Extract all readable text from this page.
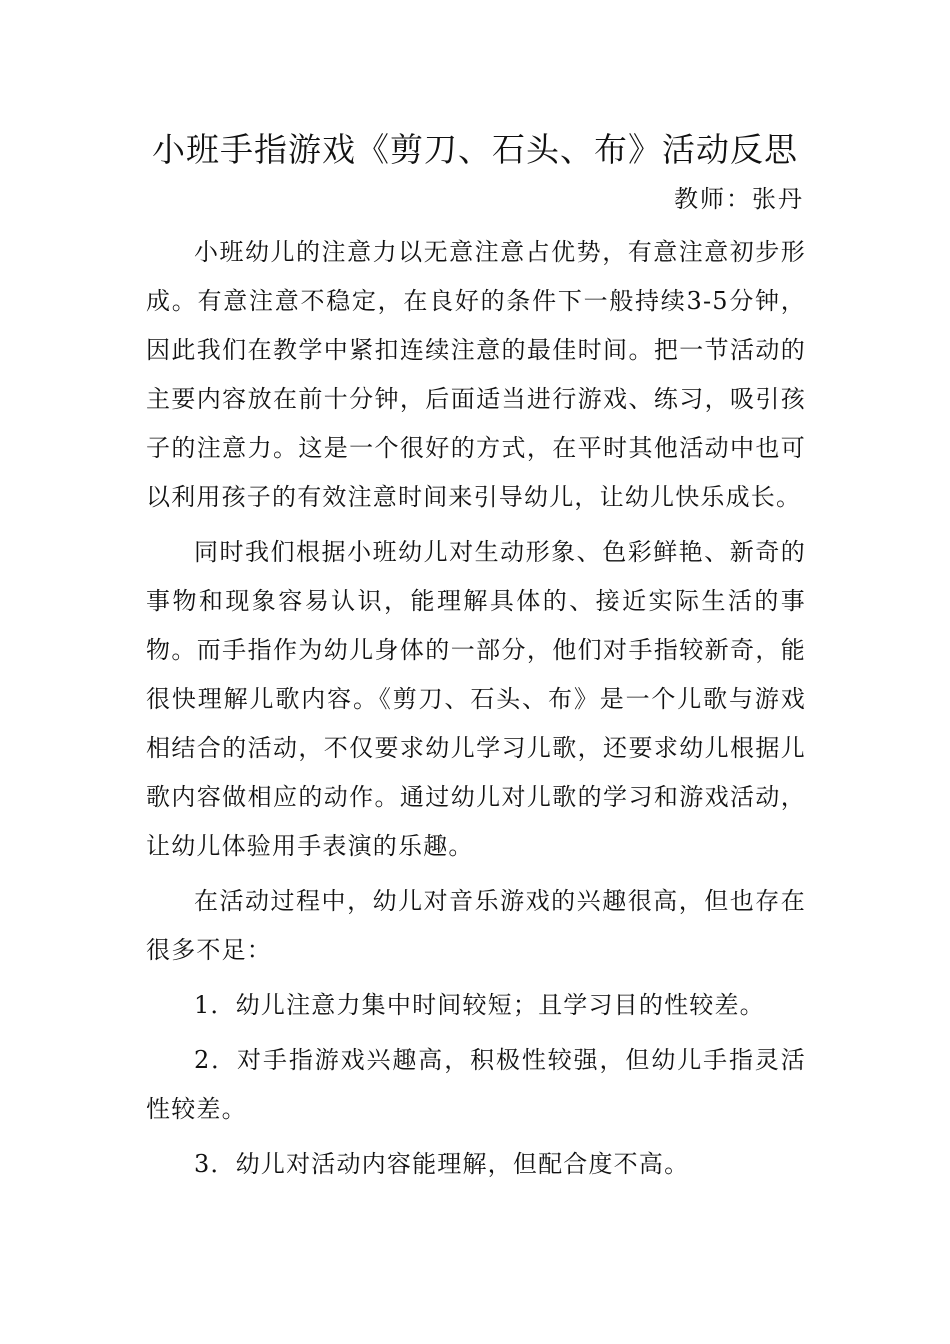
小班手指游戏《剪刀、石头、布》活动反思
教师：张丹

小班幼儿的注意力以无意注意占优势，有意注意初步形成。有意注意不稳定，在良好的条件下一般持续3-5分钟，因此我们在教学中紧扣连续注意的最佳时间。把一节活动的主要内容放在前十分钟，后面适当进行游戏、练习，吸引孩子的注意力。这是一个很好的方式，在平时其他活动中也可以利用孩子的有效注意时间来引导幼儿，让幼儿快乐成长。

同时我们根据小班幼儿对生动形象、色彩鲜艳、新奇的事物和现象容易认识，能理解具体的、接近实际生活的事物。而手指作为幼儿身体的一部分，他们对手指较新奇，能很快理解儿歌内容。《剪刀、石头、布》是一个儿歌与游戏相结合的活动，不仅要求幼儿学习儿歌，还要求幼儿根据儿歌内容做相应的动作。通过幼儿对儿歌的学习和游戏活动，让幼儿体验用手表演的乐趣。

在活动过程中，幼儿对音乐游戏的兴趣很高，但也存在很多不足：

1．幼儿注意力集中时间较短；且学习目的性较差。

2．对手指游戏兴趣高，积极性较强，但幼儿手指灵活性较差。

3．幼儿对活动内容能理解，但配合度不高。
